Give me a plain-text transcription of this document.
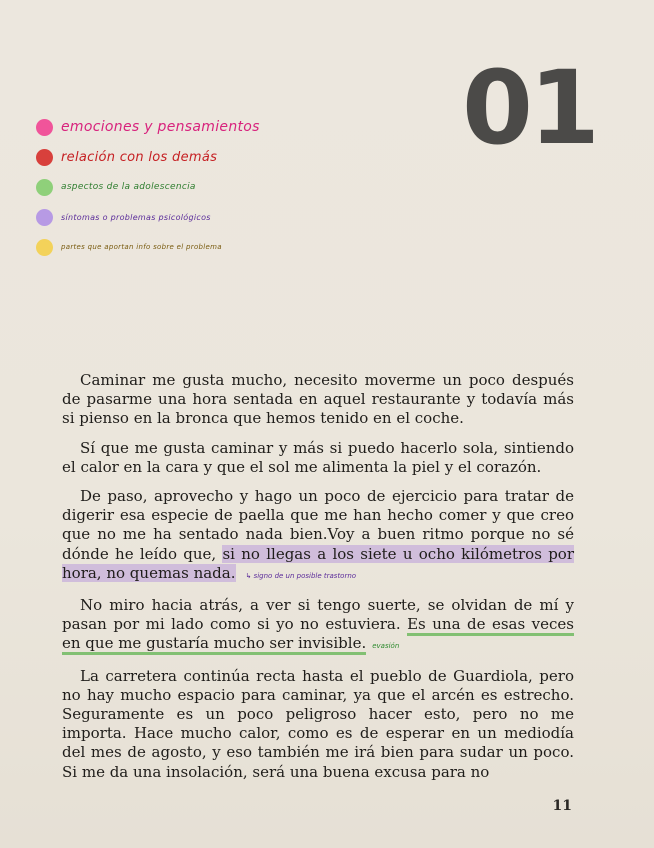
01
emociones y pensamientos
relación con los demás
aspectos de la adolescencia
síntomas o problemas psicológicos
partes que aportan info sobre el problema

Caminar me gusta mucho, necesito moverme un poco después de pasarme una hora sentada en aquel restaurante y todavía más si pienso en la bronca que hemos tenido en el coche.

Sí que me gusta caminar y más si puedo hacerlo sola, sintiendo el calor en la cara y que el sol me alimenta la piel y el corazón.

De paso, aprovecho y hago un poco de ejercicio para tratar de digerir esa especie de paella que me han hecho comer y que creo que no me ha sentado nada bien.Voy a buen ritmo porque no sé dónde he leído que, si no llegas a los siete u ocho kilómetros por hora, no quemas nada. ↳ signo de un posible trastorno

No miro hacia atrás, a ver si tengo suerte, se olvidan de mí y pasan por mi lado como si yo no estuviera. Es una de esas veces en que me gustaría mucho ser invisible. evasión

La carretera continúa recta hasta el pueblo de Guardiola, pero no hay mucho espacio para caminar, ya que el arcén es estrecho. Seguramente es un poco peligroso hacer esto, pero no me importa. Hace mucho calor, como es de esperar en un mediodía del mes de agosto, y eso también me irá bien para sudar un poco. Si me da una insolación, será una buena excusa para no

11
